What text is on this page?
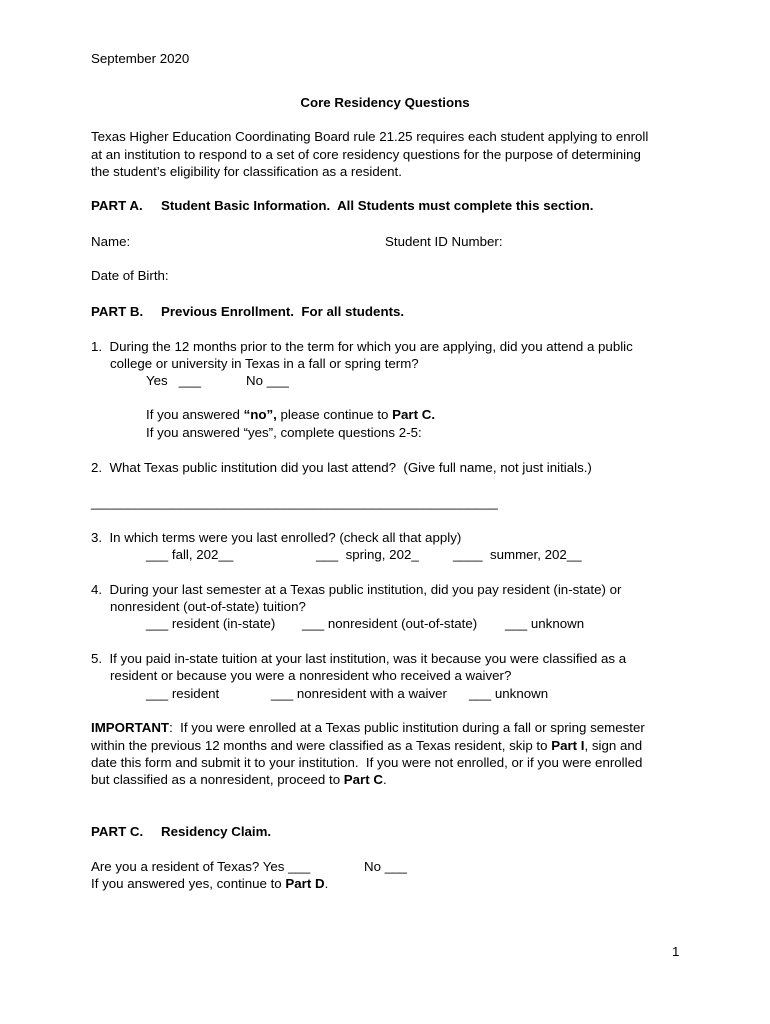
September 2020
Core Residency Questions
Texas Higher Education Coordinating Board rule 21.25 requires each student applying to enroll
at an institution to respond to a set of core residency questions for the purpose of determining
the student’s eligibility for classification as a resident.
PART A. Student Basic Information.  All Students must complete this section.
Name:	Student ID Number:
Date of Birth:
PART B. Previous Enrollment.  For all students.
1.  During the 12 months prior to the term for which you are applying, did you attend a public
college or university in Texas in a fall or spring term?
Yes   ___	No ___
If you answered “no”, please continue to Part C.
If you answered “yes”, complete questions 2-5:
2.  What Texas public institution did you last attend?  (Give full name, not just initials.)
_______________________________________________________
3.  In which terms were you last enrolled? (check all that apply)
___ fall, 202__	___  spring, 202_	____  summer, 202__
4.  During your last semester at a Texas public institution, did you pay resident (in-state) or
nonresident (out-of-state) tuition?
___ resident (in-state) ___ nonresident (out-of-state) ___ unknown
5.  If you paid in-state tuition at your last institution, was it because you were classified as a
resident or because you were a nonresident who received a waiver?
___ resident	___ nonresident with a waiver ___ unknown
IMPORTANT:  If you were enrolled at a Texas public institution during a fall or spring semester
within the previous 12 months and were classified as a Texas resident, skip to Part I, sign and
date this form and submit it to your institution.  If you were not enrolled, or if you were enrolled
but classified as a nonresident, proceed to Part C.
PART C. Residency Claim.
Are you a resident of Texas? Yes ___	No ___
If you answered yes, continue to Part D.
1
